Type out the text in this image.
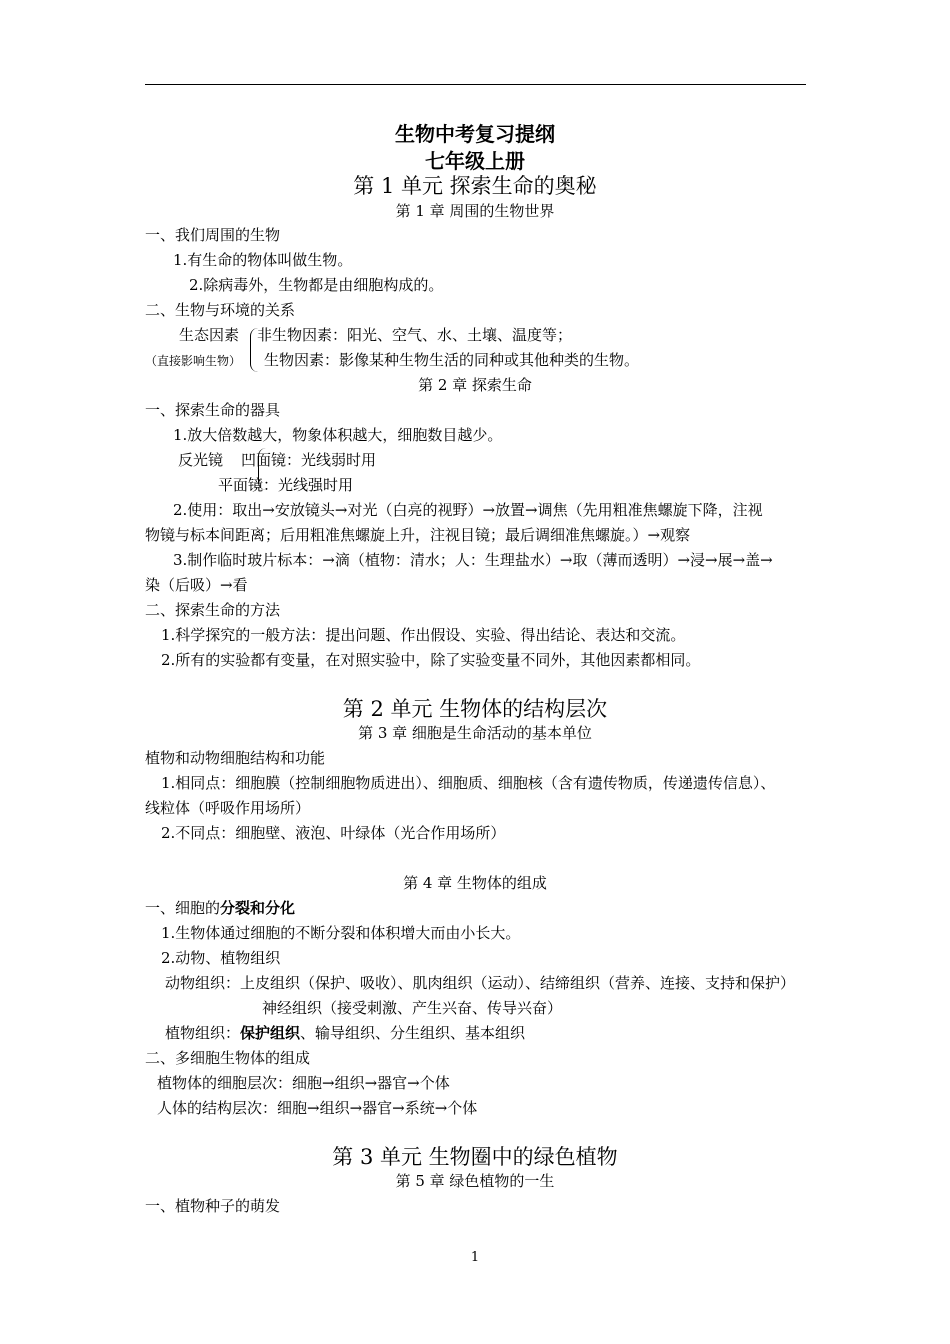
生物中考复习提纲
七年级上册
第 1 单元 探索生命的奥秘
第 1 章 周围的生物世界
一、我们周围的生物
1.有生命的物体叫做生物。
2.除病毒外，生物都是由细胞构成的。
二、生物与环境的关系
生态因素
（直接影响生物）
非生物因素：阳光、空气、水、土壤、温度等；
生物因素：影像某种生物生活的同种或其他种类的生物。
第 2 章 探索生命
一、探索生命的器具
1.放大倍数越大，物象体积越大，细胞数目越少。
反光镜 凹面镜：光线弱时用
平面镜：光线强时用
2.使用：取出→安放镜头→对光（白亮的视野）→放置→调焦（先用粗准焦螺旋下降，注视
物镜与标本间距离；后用粗准焦螺旋上升，注视目镜；最后调细准焦螺旋。）→观察
3.制作临时玻片标本：→滴（植物：清水；人：生理盐水）→取（薄而透明）→浸→展→盖→
染（后吸）→看
二、探索生命的方法
1.科学探究的一般方法：提出问题、作出假设、实验、得出结论、表达和交流。
2.所有的实验都有变量，在对照实验中，除了实验变量不同外，其他因素都相同。
第 2 单元 生物体的结构层次
第 3 章 细胞是生命活动的基本单位
植物和动物细胞结构和功能
1.相同点：细胞膜（控制细胞物质进出）、细胞质、细胞核（含有遗传物质，传递遗传信息）、
线粒体（呼吸作用场所）
2.不同点：细胞壁、液泡、叶绿体（光合作用场所）
第 4 章 生物体的组成
一、细胞的分裂和分化
1.生物体通过细胞的不断分裂和体积增大而由小长大。
2.动物、植物组织
动物组织：上皮组织（保护、吸收）、肌肉组织（运动）、结缔组织（营养、连接、支持和保护）
神经组织（接受刺激、产生兴奋、传导兴奋）
植物组织：保护组织、输导组织、分生组织、基本组织
二、多细胞生物体的组成
植物体的细胞层次：细胞→组织→器官→个体
人体的结构层次：细胞→组织→器官→系统→个体
第 3 单元 生物圈中的绿色植物
第 5 章 绿色植物的一生
一、植物种子的萌发
1
